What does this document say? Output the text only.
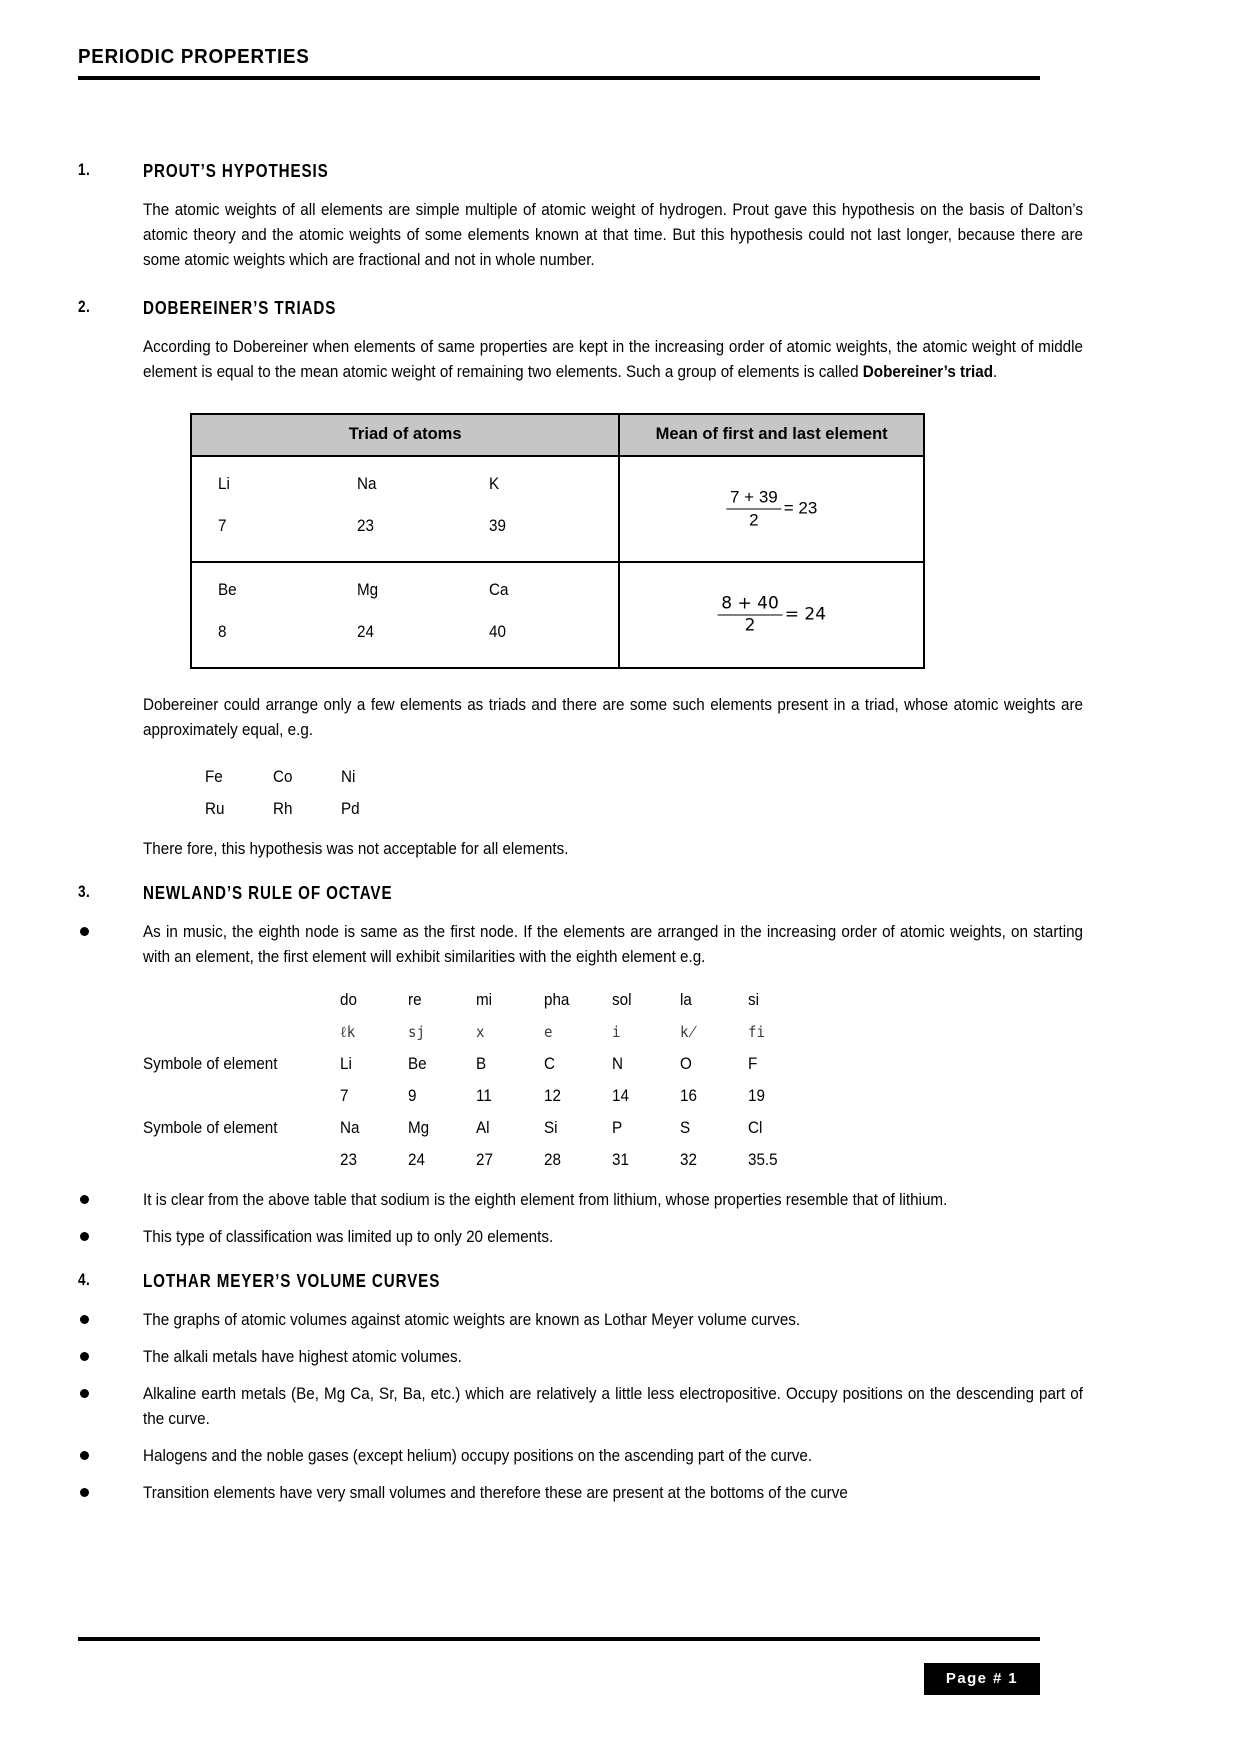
PERIODIC PROPERTIES
1.	PROUT’S HYPOTHESIS
The atomic weights of all elements are simple multiple of atomic weight of hydrogen. Prout gave this hypothesis on the basis of Dalton’s atomic theory and the atomic weights of some elements known at that time. But this hypothesis could not last longer, because there are some atomic weights which are fractional and not in whole number.
2.	DOBEREINER’S TRIADS
According to Dobereiner when elements of same properties are kept in the increasing order of atomic weights, the atomic weight of middle element is equal to the mean atomic weight of remaining two elements. Such a group of elements is called Dobereiner’s triad.
Triad of atoms	Mean of first and last element

Li	Na	K
7	23	39	$\frac{7 + 39}{2} = 23$

Be	Mg	Ca
8	24	40	$\frac{8 + 40}{2} = 24$
Dobereiner could arrange only a few elements as triads and there are some such elements present in a triad, whose atomic weights are approximately equal, e.g.
Fe	Co	Ni
Ru	Rh	Pd
There fore, this hypothesis was not acceptable for all elements.
3.	NEWLAND’S RULE OF OCTAVE
As in music, the eighth node is same as the first node. If the elements are arranged in the increasing order of atomic weights, on starting with an element, the first element will exhibit similarities with the eighth element e.g.
	do	re	mi	pha	sol	la	si
	ℓk	sj	x	e	i	k̸	fi
Symbole of element	Li	Be	B	C	N	O	F
	7	9	11	12	14	16	19
Symbole of element	Na	Mg	Al	Si	P	S	Cl
	23	24	27	28	31	32	35.5
It is clear from the above table that sodium is the eighth element from lithium, whose properties resemble that of lithium.
This type of classification was limited up to only 20 elements.
4.	LOTHAR MEYER’S VOLUME CURVES
The graphs of atomic volumes against atomic weights are known as Lothar Meyer volume curves.
The alkali metals have highest atomic volumes.
Alkaline earth metals (Be, Mg Ca, Sr, Ba, etc.) which are relatively a little less electropositive. Occupy positions on the descending part of the curve.
Halogens and the noble gases (except helium) occupy positions on the ascending part of the curve.
Transition elements have very small volumes and therefore these are present at the bottoms of the curve
Page # 1
